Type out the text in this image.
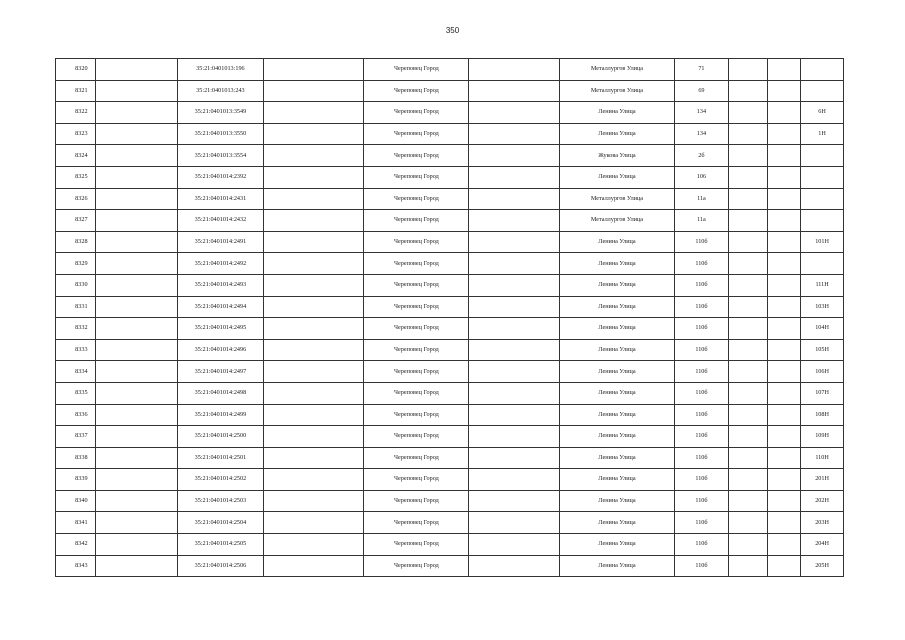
350
8320		35:21:0401013:196		Череповец Город		Металлургов Улица	71			
8321		35:21:0401013:243		Череповец Город		Металлургов Улица	69			
8322		35:21:0401013:3549		Череповец Город		Ленина Улица	134			6Н
8323		35:21:0401013:3550		Череповец Город		Ленина Улица	134			1Н
8324		35:21:0401013:3554		Череповец Город		Жукова Улица	2б			
8325		35:21:0401014:2392		Череповец Город		Ленина Улица	106			
8326		35:21:0401014:2431		Череповец Город		Металлургов Улица	11а			
8327		35:21:0401014:2432		Череповец Город		Металлургов Улица	11а			
8328		35:21:0401014:2491		Череповец Город		Ленина Улица	110б			101Н
8329		35:21:0401014:2492		Череповец Город		Ленина Улица	110б			
8330		35:21:0401014:2493		Череповец Город		Ленина Улица	110б			111Н
8331		35:21:0401014:2494		Череповец Город		Ленина Улица	110б			103Н
8332		35:21:0401014:2495		Череповец Город		Ленина Улица	110б			104Н
8333		35:21:0401014:2496		Череповец Город		Ленина Улица	110б			105Н
8334		35:21:0401014:2497		Череповец Город		Ленина Улица	110б			106Н
8335		35:21:0401014:2498		Череповец Город		Ленина Улица	110б			107Н
8336		35:21:0401014:2499		Череповец Город		Ленина Улица	110б			108Н
8337		35:21:0401014:2500		Череповец Город		Ленина Улица	110б			109Н
8338		35:21:0401014:2501		Череповец Город		Ленина Улица	110б			110Н
8339		35:21:0401014:2502		Череповец Город		Ленина Улица	110б			201Н
8340		35:21:0401014:2503		Череповец Город		Ленина Улица	110б			202Н
8341		35:21:0401014:2504		Череповец Город		Ленина Улица	110б			203Н
8342		35:21:0401014:2505		Череповец Город		Ленина Улица	110б			204Н
8343		35:21:0401014:2506		Череповец Город		Ленина Улица	110б			205Н
